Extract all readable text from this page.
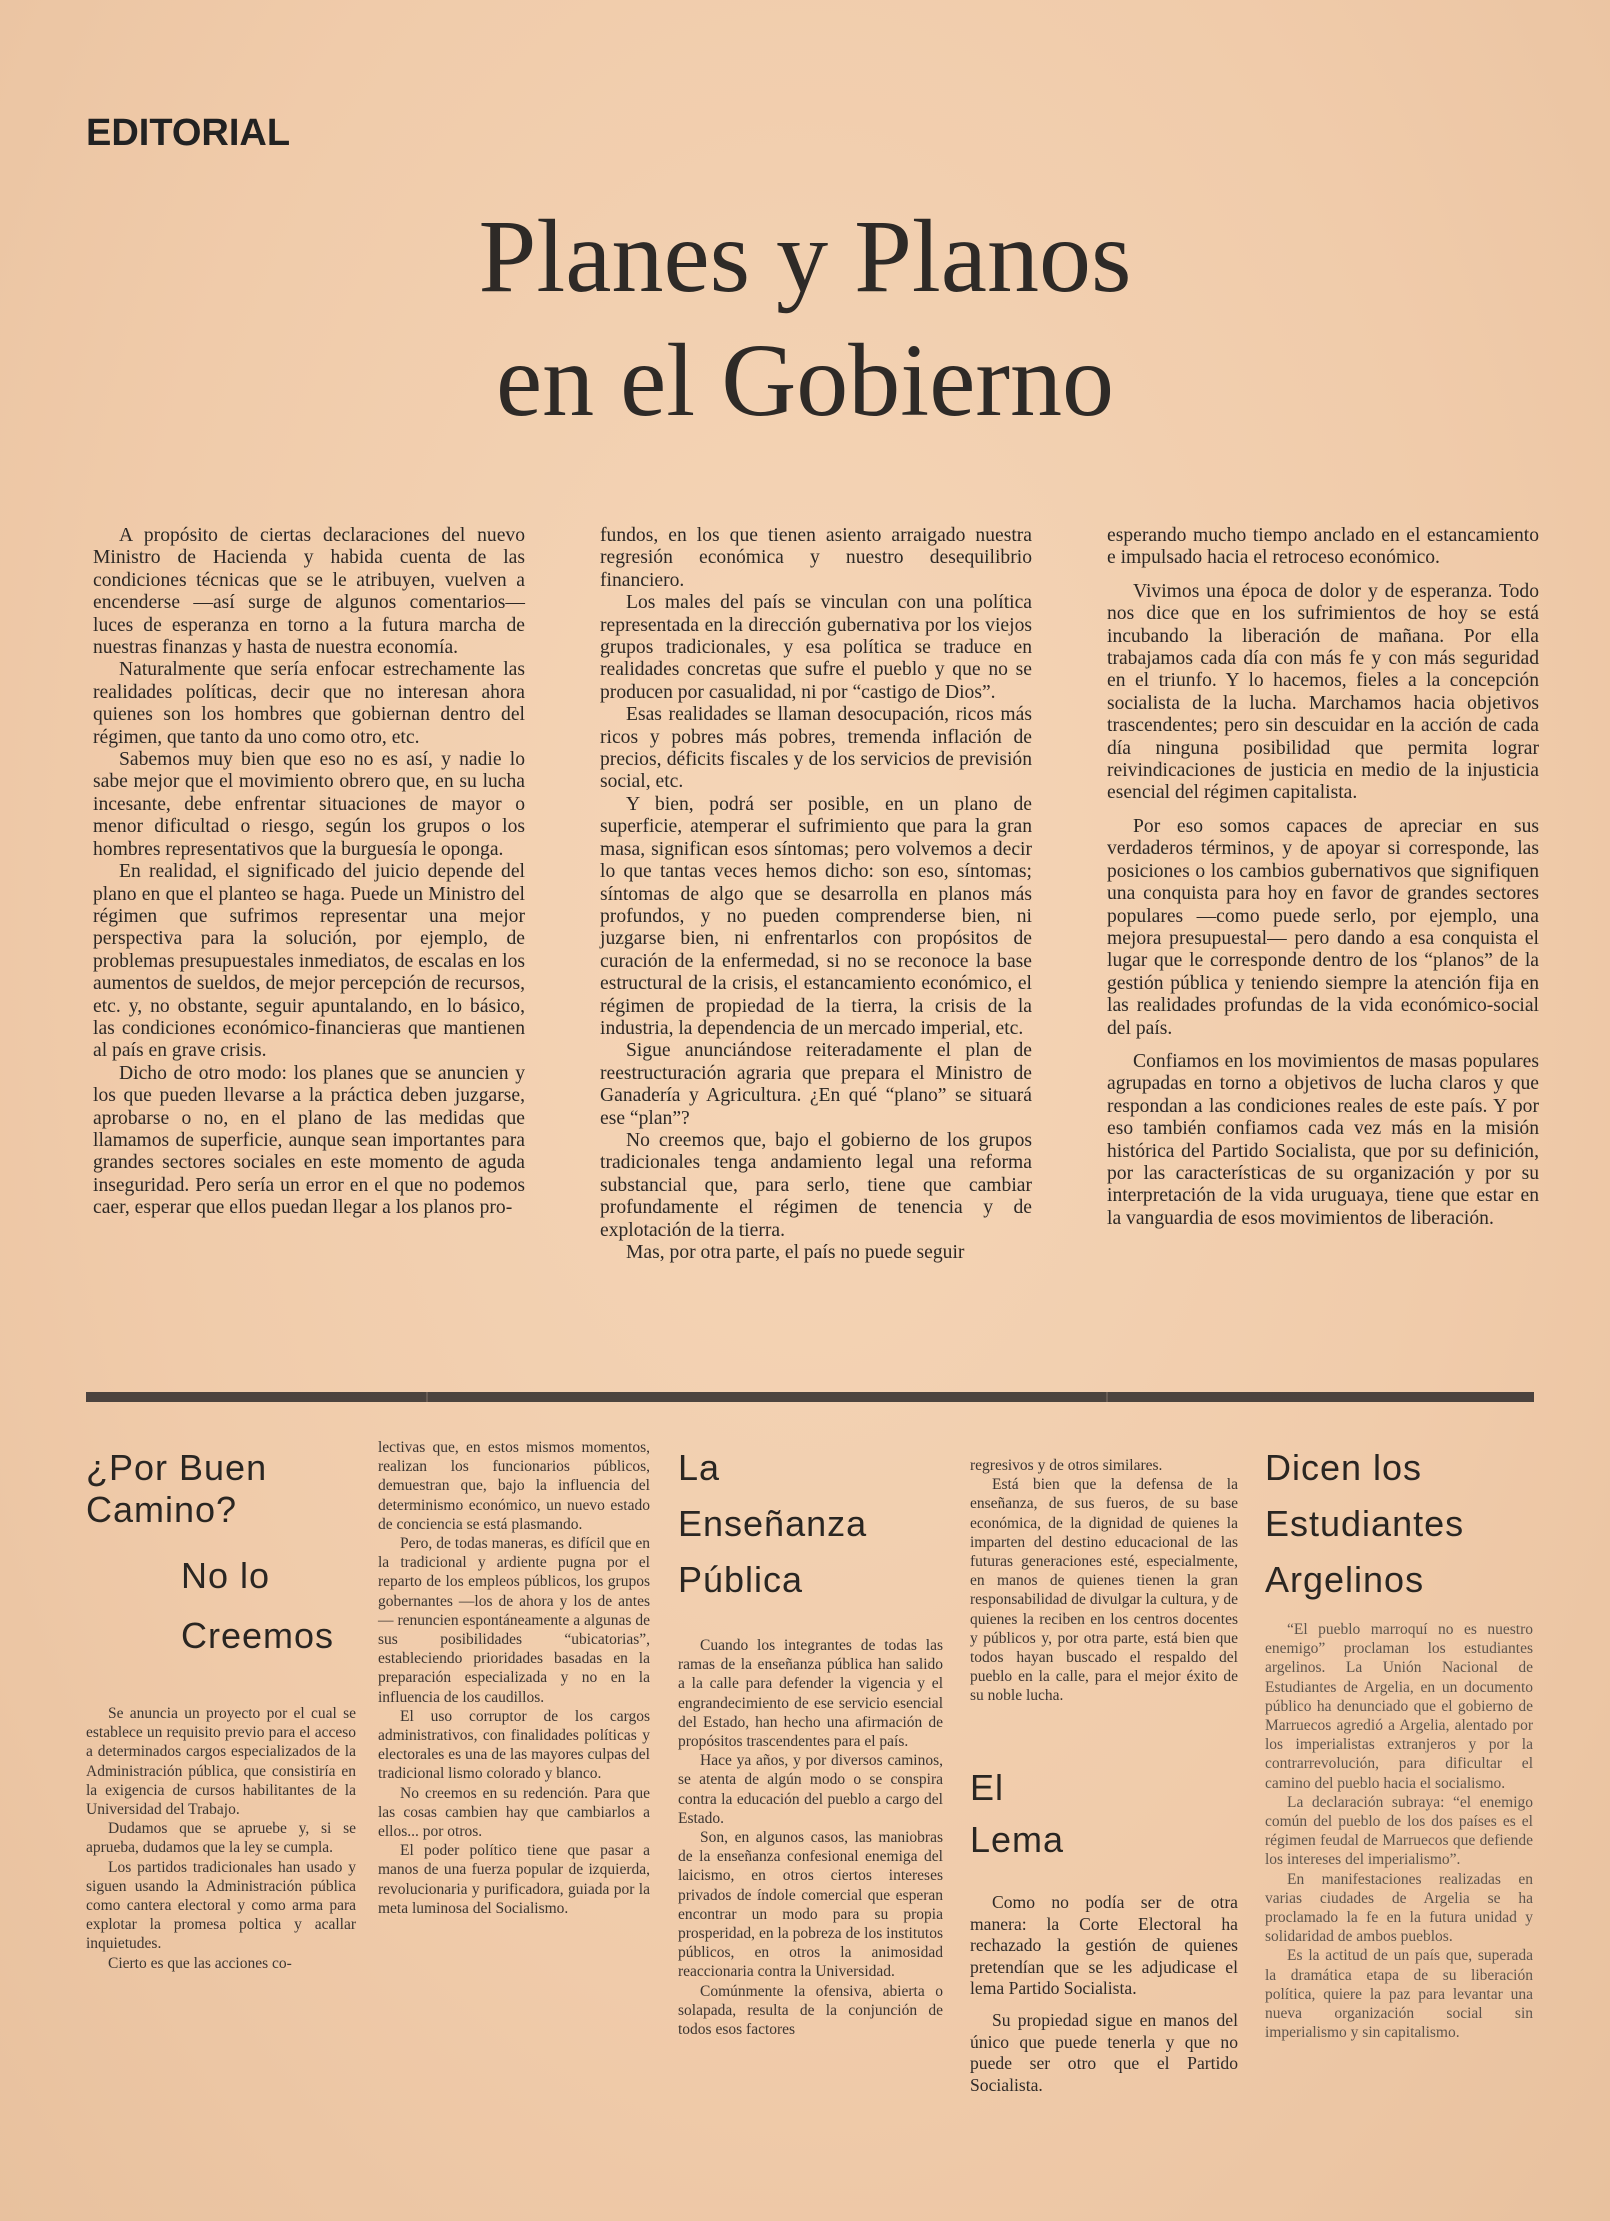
EDITORIAL
Planes y Planos
en el Gobierno

A propósito de ciertas declaraciones del nuevo Ministro de Hacienda y habida cuenta de las condiciones técnicas que se le atribuyen, vuelven a encenderse —así surge de algunos comentarios— luces de esperanza en torno a la futura marcha de nuestras finanzas y hasta de nuestra economía.

Naturalmente que sería enfocar estrechamente las realidades políticas, decir que no interesan ahora quienes son los hombres que gobiernan dentro del régimen, que tanto da uno como otro, etc.

Sabemos muy bien que eso no es así, y nadie lo sabe mejor que el movimiento obrero que, en su lucha incesante, debe enfrentar situaciones de mayor o menor dificultad o riesgo, según los grupos o los hombres representativos que la burguesía le oponga.

En realidad, el significado del juicio depende del plano en que el planteo se haga. Puede un Ministro del régimen que sufrimos representar una mejor perspectiva para la solución, por ejemplo, de problemas presupuestales inmediatos, de escalas en los aumentos de sueldos, de mejor percepción de recursos, etc. y, no obstante, seguir apuntalando, en lo básico, las condiciones económico-financieras que mantienen al país en grave crisis.

Dicho de otro modo: los planes que se anuncien y los que pueden llevarse a la práctica deben juzgarse, aprobarse o no, en el plano de las medidas que llamamos de superficie, aunque sean importantes para grandes sectores sociales en este momento de aguda inseguridad. Pero sería un error en el que no podemos caer, esperar que ellos puedan llegar a los planos pro-

fundos, en los que tienen asiento arraigado nuestra regresión económica y nuestro desequilibrio financiero.

Los males del país se vinculan con una política representada en la dirección gubernativa por los viejos grupos tradicionales, y esa política se traduce en realidades concretas que sufre el pueblo y que no se producen por casualidad, ni por “castigo de Dios”.

Esas realidades se llaman desocupación, ricos más ricos y pobres más pobres, tremenda inflación de precios, déficits fiscales y de los servicios de previsión social, etc.

Y bien, podrá ser posible, en un plano de superficie, atemperar el sufrimiento que para la gran masa, significan esos síntomas; pero volvemos a decir lo que tantas veces hemos dicho: son eso, síntomas; síntomas de algo que se desarrolla en planos más profundos, y no pueden comprenderse bien, ni juzgarse bien, ni enfrentarlos con propósitos de curación de la enfermedad, si no se reconoce la base estructural de la crisis, el estancamiento económico, el régimen de propiedad de la tierra, la crisis de la industria, la dependencia de un mercado imperial, etc.

Sigue anunciándose reiteradamente el plan de reestructuración agraria que prepara el Ministro de Ganadería y Agricultura. ¿En qué “plano” se situará ese “plan”?

No creemos que, bajo el gobierno de los grupos tradicionales tenga andamiento legal una reforma substancial que, para serlo, tiene que cambiar profundamente el régimen de tenencia y de explotación de la tierra.

Mas, por otra parte, el país no puede seguir

esperando mucho tiempo anclado en el estancamiento e impulsado hacia el retroceso económico.

Vivimos una época de dolor y de esperanza. Todo nos dice que en los sufrimientos de hoy se está incubando la liberación de mañana. Por ella trabajamos cada día con más fe y con más seguridad en el triunfo. Y lo hacemos, fieles a la concepción socialista de la lucha. Marchamos hacia objetivos trascendentes; pero sin descuidar en la acción de cada día ninguna posibilidad que permita lograr reivindicaciones de justicia en medio de la injusticia esencial del régimen capitalista.

Por eso somos capaces de apreciar en sus verdaderos términos, y de apoyar si corresponde, las posiciones o los cambios gubernativos que signifiquen una conquista para hoy en favor de grandes sectores populares —como puede serlo, por ejemplo, una mejora presupuestal— pero dando a esa conquista el lugar que le corresponde dentro de los “planos” de la gestión pública y teniendo siempre la atención fija en las realidades profundas de la vida económico-social del país.

Confiamos en los movimientos de masas populares agrupadas en torno a objetivos de lucha claros y que respondan a las condiciones reales de este país. Y por eso también confiamos cada vez más en la misión histórica del Partido Socialista, que por su definición, por las características de su organización y por su interpretación de la vida uruguaya, tiene que estar en la vanguardia de esos movimientos de liberación.

¿Por Buen
Camino?
No lo
Creemos

Se anuncia un proyecto por el cual se establece un requisito previo para el acceso a determinados cargos especializados de la Administración pública, que consistiría en la exigencia de cursos habilitantes de la Universidad del Trabajo.

Dudamos que se apruebe y, si se aprueba, dudamos que la ley se cumpla.

Los partidos tradicionales han usado y siguen usando la Administración pública como cantera electoral y como arma para explotar la promesa poltica y acallar inquietudes.

Cierto es que las acciones co-

lectivas que, en estos mismos momentos, realizan los funcionarios públicos, demuestran que, bajo la influencia del determinismo económico, un nuevo estado de conciencia se está plasmando.

Pero, de todas maneras, es difícil que en la tradicional y ardiente pugna por el reparto de los empleos públicos, los grupos gobernantes —los de ahora y los de antes— renuncien espontáneamente a algunas de sus posibilidades “ubicatorias”, estableciendo prioridades basadas en la preparación especializada y no en la influencia de los caudillos.

El uso corruptor de los cargos administrativos, con finalidades políticas y electorales es una de las mayores culpas del tradicional lismo colorado y blanco.

No creemos en su redención. Para que las cosas cambien hay que cambiarlos a ellos... por otros.

El poder político tiene que pasar a manos de una fuerza popular de izquierda, revolucionaria y purificadora, guiada por la meta luminosa del Socialismo.

La
Enseñanza
Pública

Cuando los integrantes de todas las ramas de la enseñanza pública han salido a la calle para defender la vigencia y el engrandecimiento de ese servicio esencial del Estado, han hecho una afirmación de propósitos trascendentes para el país.

Hace ya años, y por diversos caminos, se atenta de algún modo o se conspira contra la educación del pueblo a cargo del Estado.

Son, en algunos casos, las maniobras de la enseñanza confesional enemiga del laicismo, en otros ciertos intereses privados de índole comercial que esperan encontrar un modo para su propia prosperidad, en la pobreza de los institutos públicos, en otros la animosidad reaccionaria contra la Universidad.

Comúnmente la ofensiva, abierta o solapada, resulta de la conjunción de todos esos factores

regresivos y de otros similares.

Está bien que la defensa de la enseñanza, de sus fueros, de su base económica, de la dignidad de quienes la imparten del destino educacional de las futuras generaciones esté, especialmente, en manos de quienes tienen la gran responsabilidad de divulgar la cultura, y de quienes la reciben en los centros docentes y públicos y, por otra parte, está bien que todos hayan buscado el respaldo del pueblo en la calle, para el mejor éxito de su noble lucha.

El
Lema

Como no podía ser de otra manera: la Corte Electoral ha rechazado la gestión de quienes pretendían que se les adjudicase el lema Partido Socialista.

Su propiedad sigue en manos del único que puede tenerla y que no puede ser otro que el Partido Socialista.

Dicen los
Estudiantes
Argelinos

“El pueblo marroquí no es nuestro enemigo” proclaman los estudiantes argelinos. La Unión Nacional de Estudiantes de Argelia, en un documento público ha denunciado que el gobierno de Marruecos agredió a Argelia, alentado por los imperialistas extranjeros y por la contrarrevolución, para dificultar el camino del pueblo hacia el socialismo.

La declaración subraya: “el enemigo común del pueblo de los dos países es el régimen feudal de Marruecos que defiende los intereses del imperialismo”.

En manifestaciones realizadas en varias ciudades de Argelia se ha proclamado la fe en la futura unidad y solidaridad de ambos pueblos.

Es la actitud de un país que, superada la dramática etapa de su liberación política, quiere la paz para levantar una nueva organización social sin imperialismo y sin capitalismo.
